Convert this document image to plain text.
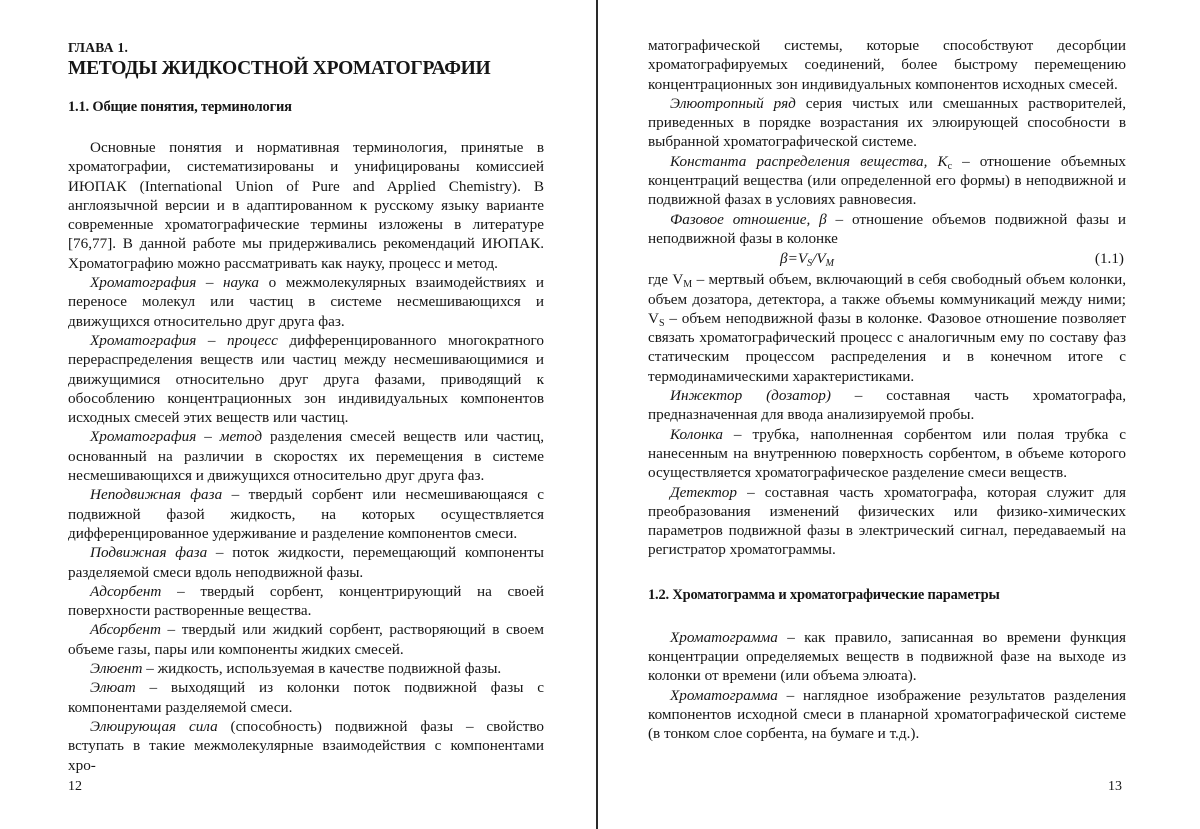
ГЛАВА 1.
МЕТОДЫ ЖИДКОСТНОЙ ХРОМАТОГРАФИИ
1.1. Общие понятия, терминология

Основные понятия и нормативная терминология, принятые в хроматографии, систематизированы и унифицированы комиссией ИЮПАК (International Union of Pure and Applied Chemistry). В англоязычной версии и в адаптированном к русскому языку варианте современные хроматографические термины изложены в литературе [76,77]. В данной работе мы придерживались рекомендаций ИЮПАК. Хроматографию можно рассматривать как науку, процесс и метод.

Хроматография – наука о межмолекулярных взаимодействиях и переносе молекул или частиц в системе несмешивающихся и движущихся относительно друг друга фаз.

Хроматография – процесс дифференцированного многократного перераспределения веществ или частиц между несмешивающимися и движущимися относительно друг друга фазами, приводящий к обособлению концентрационных зон индивидуальных компонентов исходных смесей этих веществ или частиц.

Хроматография – метод разделения смесей веществ или частиц, основанный на различии в скоростях их перемещения в системе несмешивающихся и движущихся относительно друг друга фаз.

Неподвижная фаза – твердый сорбент или несмешивающаяся с подвижной фазой жидкость, на которых осуществляется дифференцированное удерживание и разделение компонентов смеси.

Подвижная фаза – поток жидкости, перемещающий компоненты разделяемой смеси вдоль неподвижной фазы.

Адсорбент – твердый сорбент, концентрирующий на своей поверхности растворенные вещества.

Абсорбент – твердый или жидкий сорбент, растворяющий в своем объеме газы, пары или компоненты жидких смесей.

Элюент – жидкость, используемая в качестве подвижной фазы.

Элюат – выходящий из колонки поток подвижной фазы с компонентами разделяемой смеси.

Элюирующая сила (способность) подвижной фазы – свойство вступать в такие межмолекулярные взаимодействия с компонентами хро-

12

матографической системы, которые способствуют десорбции хроматографируемых соединений, более быстрому перемещению концентрационных зон индивидуальных компонентов исходных смесей.

Элюотропный ряд серия чистых или смешанных растворителей, приведенных в порядке возрастания их элюирующей способности в выбранной хроматографической системе.

Константа распределения вещества, $K_c$ – отношение объемных концентраций вещества (или определенной его формы) в неподвижной и подвижной фазах в условиях равновесия.

Фазовое отношение, β – отношение объемов подвижной фазы и неподвижной фазы в колонке

$\beta=V_S/V_M$	(1.1)

где $V_M$ – мертвый объем, включающий в себя свободный объем колонки, объем дозатора, детектора, а также объемы коммуникаций между ними; $V_S$ – объем неподвижной фазы в колонке. Фазовое отношение позволяет связать хроматографический процесс с аналогичным ему по составу фаз статическим процессом распределения и в конечном итоге с термодинамическими характеристиками.

Инжектор (дозатор) – составная часть хроматографа, предназначенная для ввода анализируемой пробы.

Колонка – трубка, наполненная сорбентом или полая трубка с нанесенным на внутреннюю поверхность сорбентом, в объеме которого осуществляется хроматографическое разделение смеси веществ.

Детектор – составная часть хроматографа, которая служит для преобразования изменений физических или физико-химических параметров подвижной фазы в электрический сигнал, передаваемый на регистратор хроматограммы.

1.2. Хроматограмма и хроматографические параметры

Хроматограмма – как правило, записанная во времени функция концентрации определяемых веществ в подвижной фазе на выходе из колонки от времени (или объема элюата).

Хроматограмма – наглядное изображение результатов разделения компонентов исходной смеси в планарной хроматографической системе (в тонком слое сорбента, на бумаге и т.д.).

13
